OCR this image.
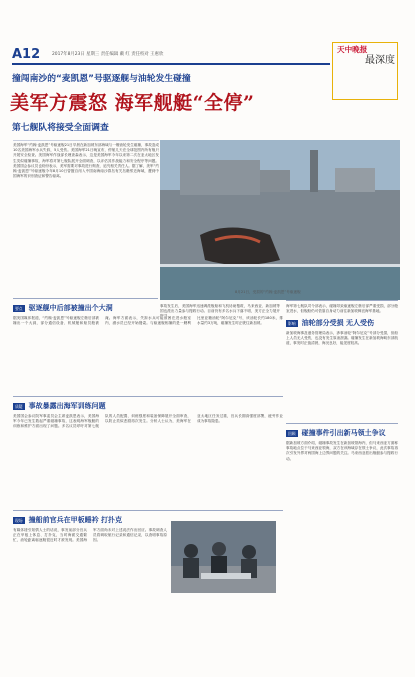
A12	2017年8月23日 星期三 责任编辑 戴 红 责任校对 王惠欣
天中晚报
最深度
撞闯南沙的“麦凯恩”号驱逐舰与油轮发生碰撞
美军方震怒 海军舰艇“全停”
第七舰队将接受全面调查
美国海军“约翰·麦凯恩”号驱逐舰21日早晨在新加坡东部海域与一艘油轮发生碰撞，事故造成10名美国海军水兵失踪，5人受伤。美国海军21日晚宣布，停航几天在全球范围内所有舰只开展安全检查。美国海军作战部长理查森表示，这是美国海军今年以来第二次在亚太地区发生类似碰撞事故，海军将对第七舰队展开全面调查，以评估其作战能力和安全程序等问题。美国国会参议员也纷纷表示，美军需要对事故进行彻查，追究相关责任人。据了解，美军“约翰·麦凯恩”号驱逐舰今年8月10日曾擅自闯入中国南海南沙群岛有关岛礁邻近海域，遭到中国海军的识别查证和警告驱离。
8月21日，受损的“约翰·麦凯恩”号驱逐舰
事故发生后，美国海军迅速调派舰船和飞机协助搜救，马来西亚、新加坡等国也派出力量参与搜救行动。目前仍有多名水兵下落不明，美方正全力展开
海军第七舰队司令部表示，碰撞导致驱逐舰左舷后部严重受损，部分舱室进水，但舰船仍可依靠自身动力前往新加坡樟宜海军基地。
要点 驱逐舰中后部被撞出个大洞
据美国媒体报道，“约翰·麦凯恩”号驱逐舰左舷后部被撞出一个大洞，部分通信设备、机械舱和船员舱被淹。海军方面表示，失踪水兵可能被困在进水舱室内，潜水员已经开始搜索。与驱逐舰相撞的是一艘利比里亚籍油轮“阿尔尼克”号，该油轮长约180米，排水量约3万吨，碰撞发生时正驶往新加坡。
质疑 事故暴露出海军训练问题
美国国会参议院军事委员会主席麦凯恩表示，美国海军今年已发生数起严重碰撞事故，这表明海军舰艇的训练和维护方面出现了问题。多名议员呼吁对第七舰队的人员配置、训练强度和装备保障展开全面审查，以防止类似悲剧再次发生。分析人士认为，美海军在亚太地区任务过重，官兵长期高强度部署，疲劳作业成为事故隐患。
现场 撞船前官兵在甲板睡衿 打扑克
有媒体援引知情人士的话说，事发前部分官兵正在甲板上休息、打扑克，当时海面交通繁忙，油轮距离驱逐舰很近时才被发现。美国海军方面尚未对上述说法作出回应。事故调查人员将调取航行记录和通信记录，以查明事故原因。
影响 油轮部分受损 无人受伤
新加坡海事及港务管理局表示，涉事油轮“阿尔尼克”号部分受损，但船上人员无人受伤，也没有发生原油泄漏。碰撞发生在新加坡海峡东部航道，事发时正值清晨，海况良好，能见度较高。
回顾 碰撞事件引出新马领土争议
据新加坡方面介绍，碰撞事故发生在新加坡领海内，但马来西亚方面称事故地点位于马来西亚领海，双方在该海域存在领土争议，此次事故再次引发外界对两国海上边界问题的关注。马来西亚派出舰艇参与搜救行动。
